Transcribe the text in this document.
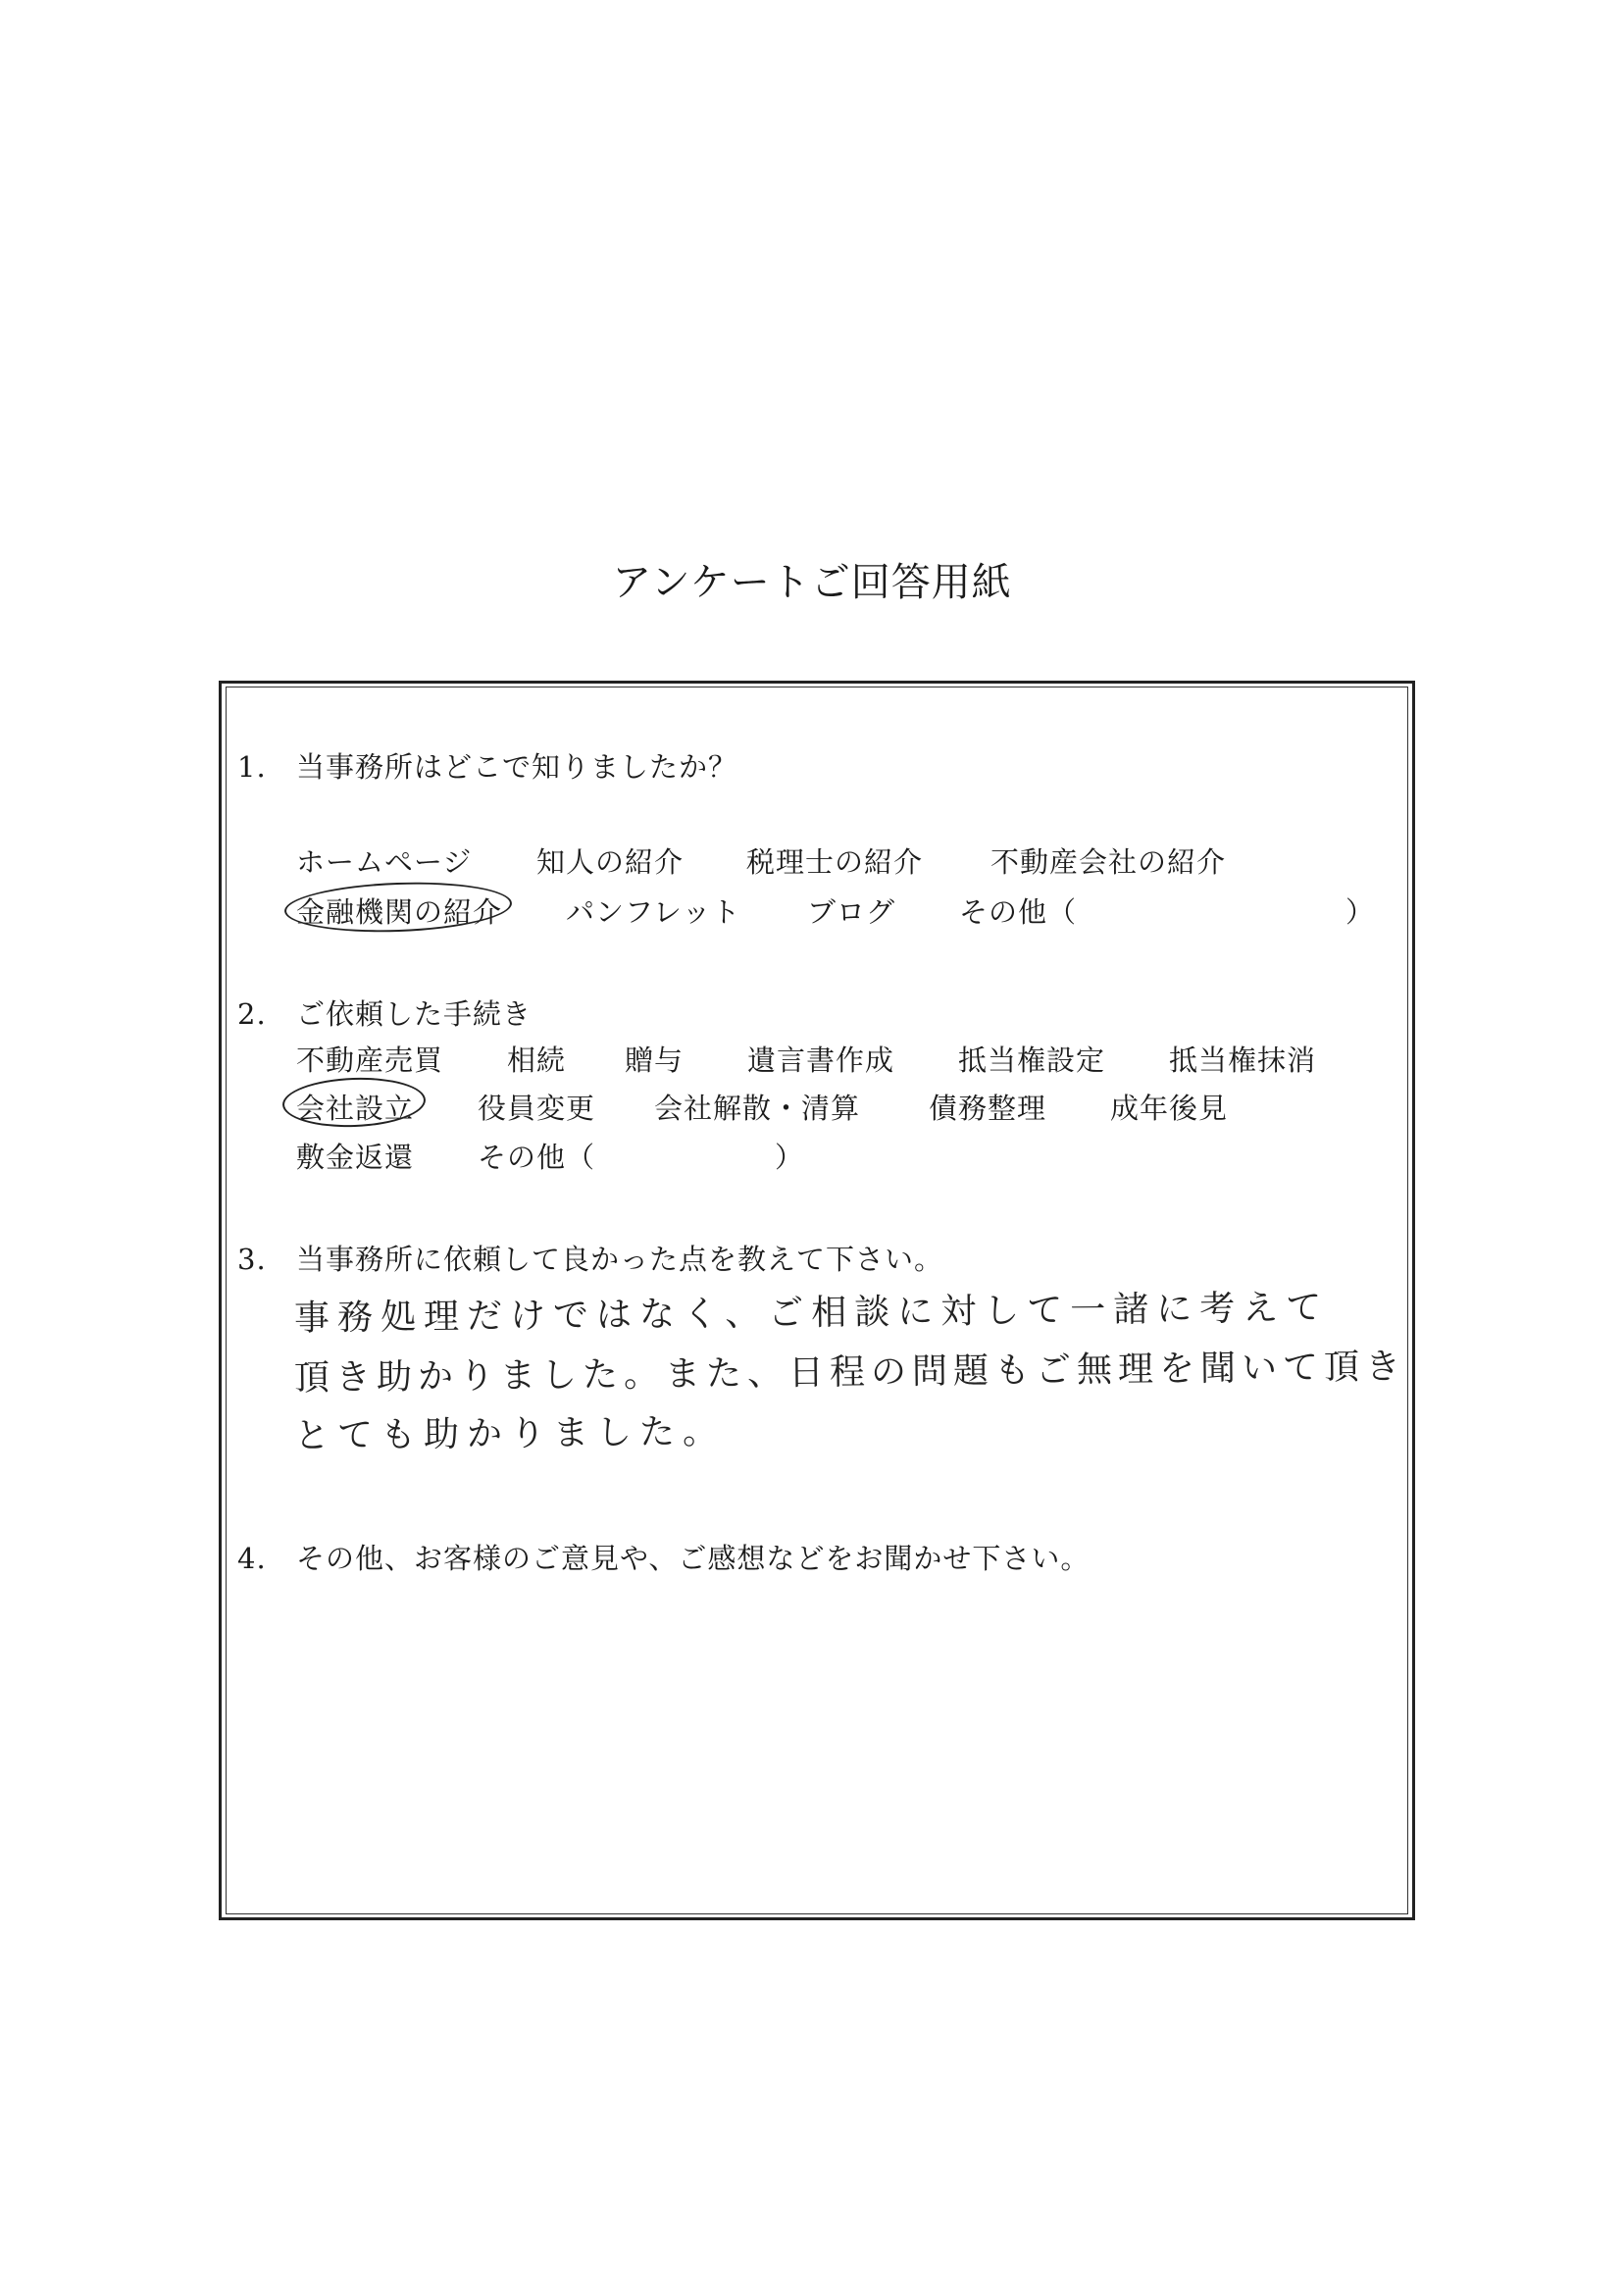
アンケートご回答用紙
1. 当事務所はどこで知りましたか？
ホームページ 知人の紹介 税理士の紹介 不動産会社の紹介
金融機関の紹介 パンフレット ブログ その他（	）
2. ご依頼した手続き
不動産売買 相続 贈与 遺言書作成 抵当権設定 抵当権抹消
会社設立 役員変更 会社解散・清算 債務整理 成年後見
敷金返還 その他（	）
3. 当事務所に依頼して良かった点を教えて下さい。
事務処理だけではなく、ご相談に対して一諸に考えて
頂き助かりました。また、日程の問題もご無理を聞いて頂き
とても助かりました。
4. その他、お客様のご意見や、ご感想などをお聞かせ下さい。
